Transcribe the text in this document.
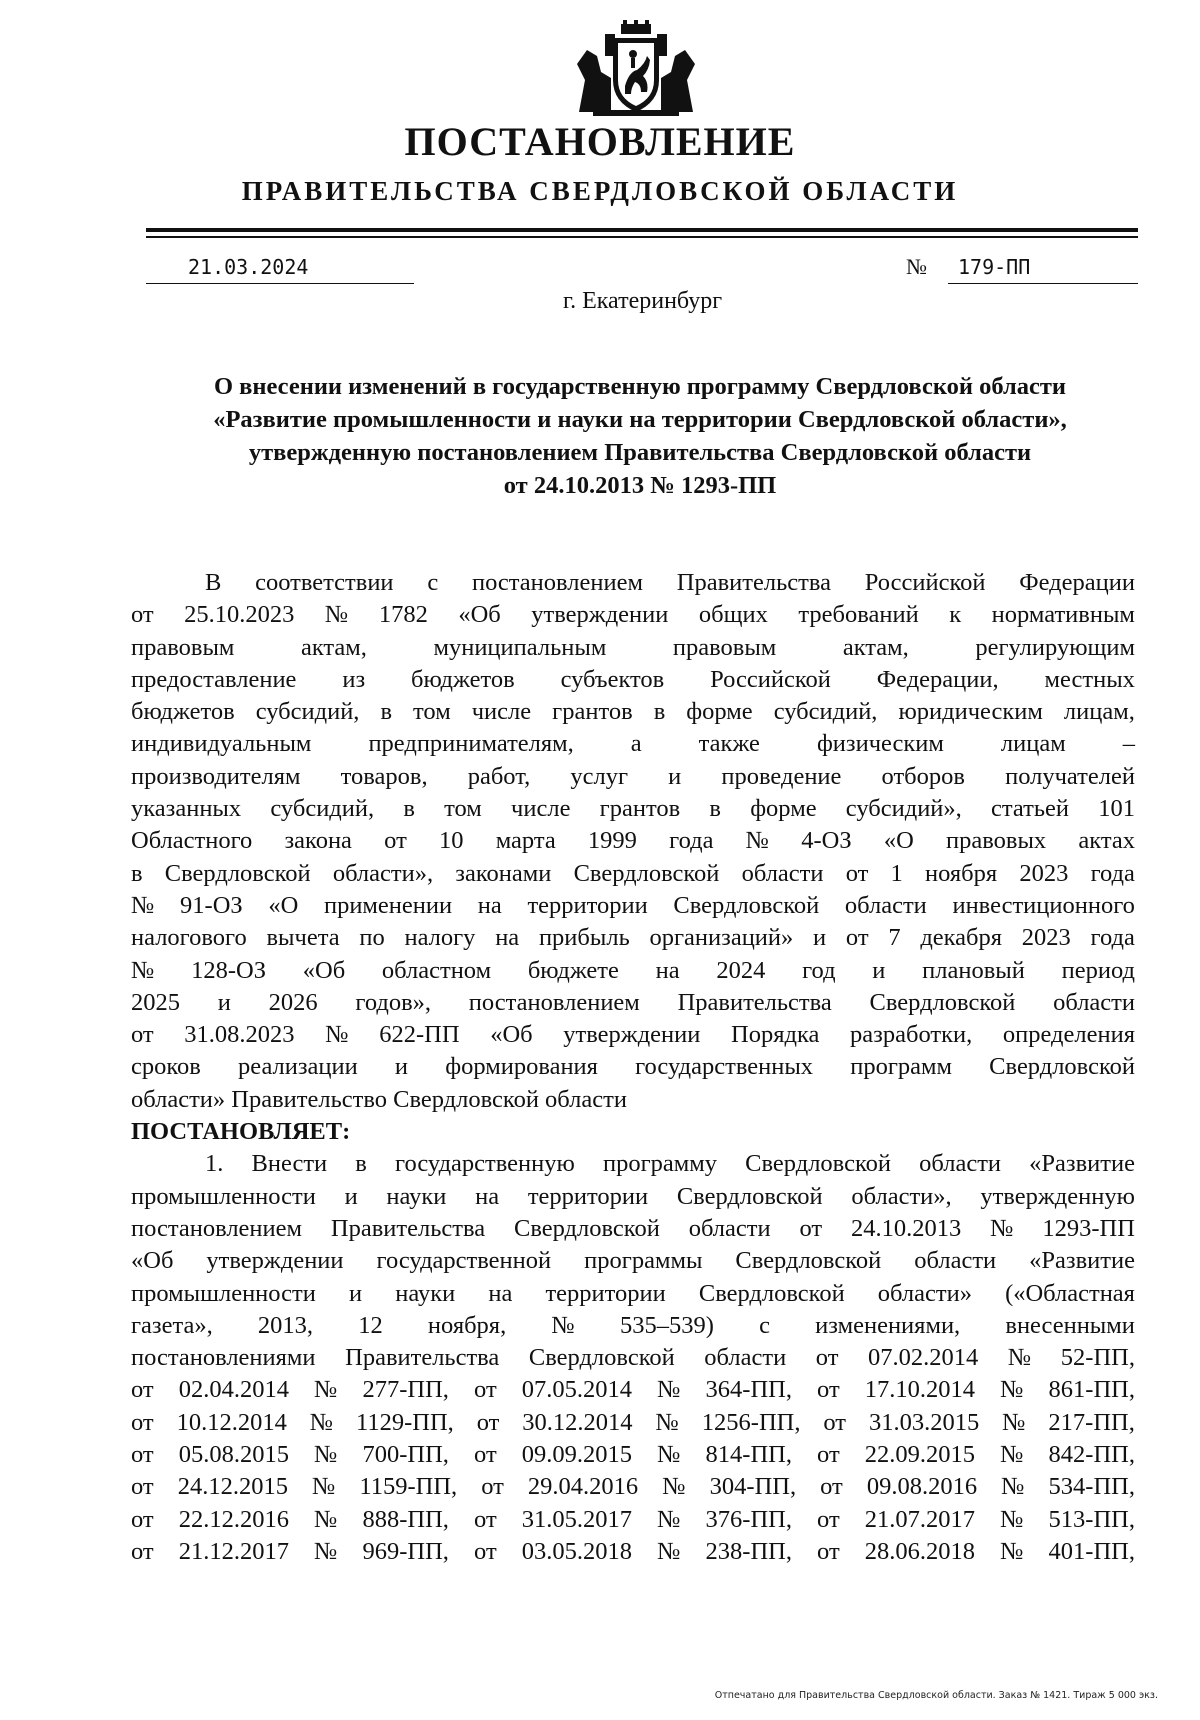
ПОСТАНОВЛЕНИЕ
ПРАВИТЕЛЬСТВА СВЕРДЛОВСКОЙ ОБЛАСТИ
21.03.2024	№	179-ПП
г. Екатеринбург
О внесении изменений в государственную программу Свердловской области
«Развитие промышленности и науки на территории Свердловской области»,
утвержденную постановлением Правительства Свердловской области
от 24.10.2013 № 1293-ПП
В соответствии с постановлением Правительства Российской Федерации
от 25.10.2023 № 1782 «Об утверждении общих требований к нормативным
правовым	актам,	муниципальным	правовым	актам,	регулирующим
предоставление из бюджетов субъектов Российской Федерации, местных
бюджетов субсидий, в том числе грантов в форме субсидий, юридическим лицам,
индивидуальным предпринимателям, а также физическим лицам –
производителям товаров, работ, услуг и проведение отборов получателей
указанных субсидий, в том числе грантов в форме субсидий», статьей 101
Областного закона от 10 марта 1999 года № 4-ОЗ «О правовых актах
в Свердловской области», законами Свердловской области от 1 ноября 2023 года
№ 91-ОЗ «О применении на территории Свердловской области инвестиционного
налогового вычета по налогу на прибыль организаций» и от 7 декабря 2023 года
№ 128-ОЗ «Об областном бюджете на 2024 год и плановый период
2025 и 2026 годов», постановлением Правительства Свердловской области
от 31.08.2023 № 622-ПП «Об утверждении Порядка разработки, определения
сроков реализации и формирования государственных программ Свердловской
области» Правительство Свердловской области
ПОСТАНОВЛЯЕТ:
1. Внести в государственную программу Свердловской области «Развитие
промышленности и науки на территории Свердловской области», утвержденную
постановлением Правительства Свердловской области от 24.10.2013 № 1293-ПП
«Об утверждении государственной программы Свердловской области «Развитие
промышленности и науки на территории Свердловской области» («Областная
газета», 2013, 12 ноября, № 535–539) с изменениями, внесенными
постановлениями Правительства Свердловской области от 07.02.2014 № 52-ПП,
от 02.04.2014 № 277-ПП, от 07.05.2014 № 364-ПП, от 17.10.2014 № 861-ПП,
от 10.12.2014 № 1129-ПП, от 30.12.2014 № 1256-ПП, от 31.03.2015 № 217-ПП,
от 05.08.2015 № 700-ПП, от 09.09.2015 № 814-ПП, от 22.09.2015 № 842-ПП,
от 24.12.2015 № 1159-ПП, от 29.04.2016 № 304-ПП, от 09.08.2016 № 534-ПП,
от 22.12.2016 № 888-ПП, от 31.05.2017 № 376-ПП, от 21.07.2017 № 513-ПП,
от 21.12.2017 № 969-ПП, от 03.05.2018 № 238-ПП, от 28.06.2018 № 401-ПП,
Отпечатано для Правительства Свердловской области. Заказ № 1421. Тираж 5 000 экз.
